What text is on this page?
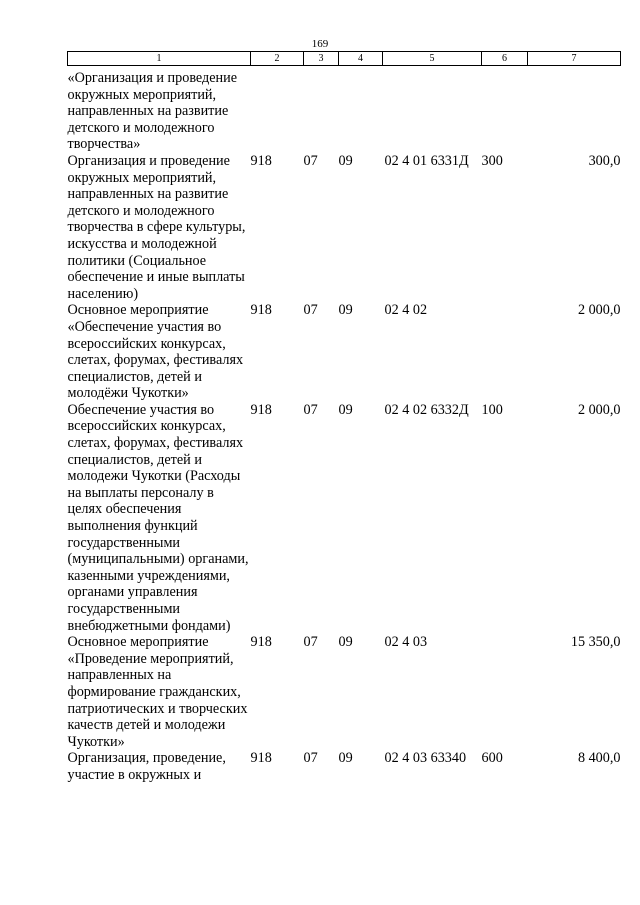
169
1	2	3	4	5	6	7
«Организация и проведение окружных мероприятий, направленных на развитие детского и молодежного творчества»						
Организация и проведение окружных мероприятий, направленных на развитие детского и молодежного творчества в сфере культуры, искусства и молодежной политики (Социальное обеспечение и иные выплаты населению)	918	07	09	02 4 01 6331Д	300	300,0
Основное мероприятие «Обеспечение участия во всероссийских конкурсах, слетах, форумах, фестивалях специалистов, детей и молодёжи Чукотки»	918	07	09	02 4 02		2 000,0
Обеспечение участия во всероссийских конкурсах, слетах, форумах, фестивалях специалистов, детей и молодежи Чукотки (Расходы на выплаты персоналу в целях обеспечения выполнения функций государственными (муниципальными) органами, казенными учреждениями, органами управления государственными внебюджетными фондами)	918	07	09	02 4 02 6332Д	100	2 000,0
Основное мероприятие «Проведение мероприятий, направленных на формирование гражданских, патриотических и творческих качеств детей и молодежи Чукотки»	918	07	09	02 4 03		15 350,0
Организация, проведение, участие в окружных и	918	07	09	02 4 03 63340	600	8 400,0
